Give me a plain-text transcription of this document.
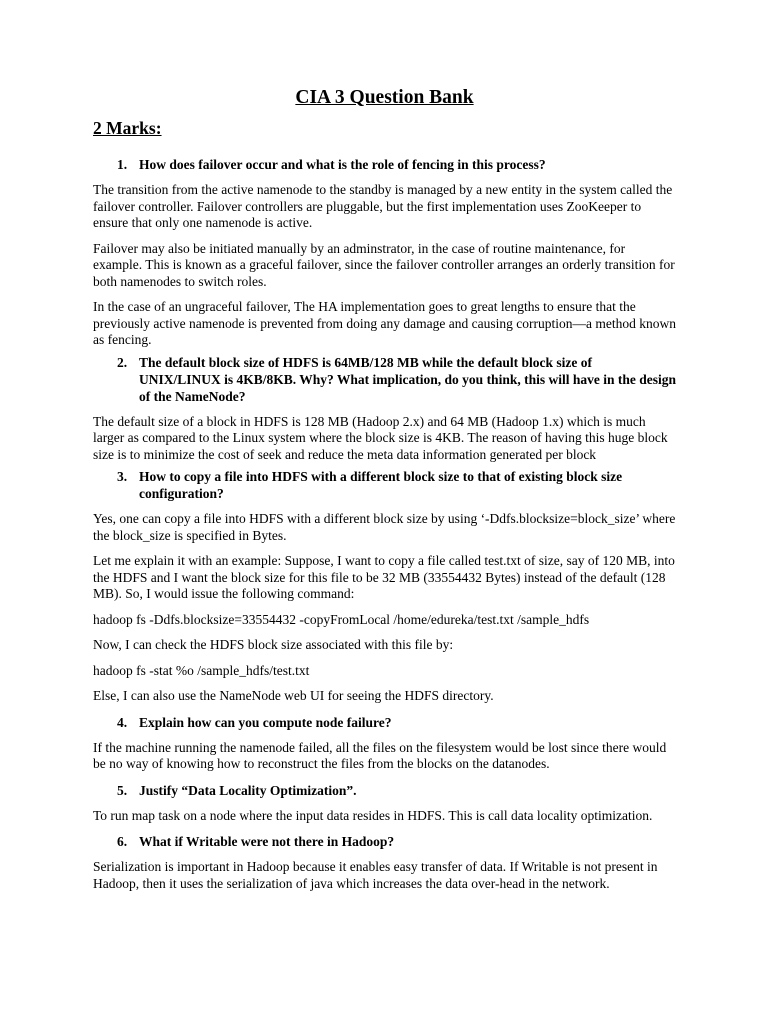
CIA 3 Question Bank
2 Marks:
1. How does failover occur and what is the role of fencing in this process?

The transition from the active namenode to the standby is managed by a new entity in the system called the failover controller. Failover controllers are pluggable, but the first implementation uses ZooKeeper to ensure that only one namenode is active.

Failover may also be initiated manually by an adminstrator, in the case of routine maintenance, for example. This is known as a graceful failover, since the failover controller arranges an orderly transition for both namenodes to switch roles.

In the case of an ungraceful failover, The HA implementation goes to great lengths to ensure that the previously active namenode is prevented from doing any damage and causing corruption—a method known as fencing.

2. The default block size of HDFS is 64MB/128 MB while the default block size of UNIX/LINUX is 4KB/8KB. Why? What implication, do you think, this will have in the design of the NameNode?

The default size of a block in HDFS is 128 MB (Hadoop 2.x) and 64 MB (Hadoop 1.x) which is much larger as compared to the Linux system where the block size is 4KB. The reason of having this huge block size is to minimize the cost of seek and reduce the meta data information generated per block

3. How to copy a file into HDFS with a different block size to that of existing block size configuration?

Yes, one can copy a file into HDFS with a different block size by using ‘-Ddfs.blocksize=block_size’ where the block_size is specified in Bytes.

Let me explain it with an example: Suppose, I want to copy a file called test.txt of size, say of 120 MB, into the HDFS and I want the block size for this file to be 32 MB (33554432 Bytes) instead of the default (128 MB). So, I would issue the following command:

hadoop fs -Ddfs.blocksize=33554432 -copyFromLocal /home/edureka/test.txt /sample_hdfs

Now, I can check the HDFS block size associated with this file by:

hadoop fs -stat %o /sample_hdfs/test.txt

Else, I can also use the NameNode web UI for seeing the HDFS directory.

4. Explain how can you compute node failure?

If the machine running the namenode failed, all the files on the filesystem would be lost since there would be no way of knowing how to reconstruct the files from the blocks on the datanodes.

5. Justify “Data Locality Optimization”.

To run map task on a node where the input data resides in HDFS. This is call data locality optimization.

6. What if Writable were not there in Hadoop?

Serialization is important in Hadoop because it enables easy transfer of data. If Writable is not present in Hadoop, then it uses the serialization of java which increases the data over-head in the network.
